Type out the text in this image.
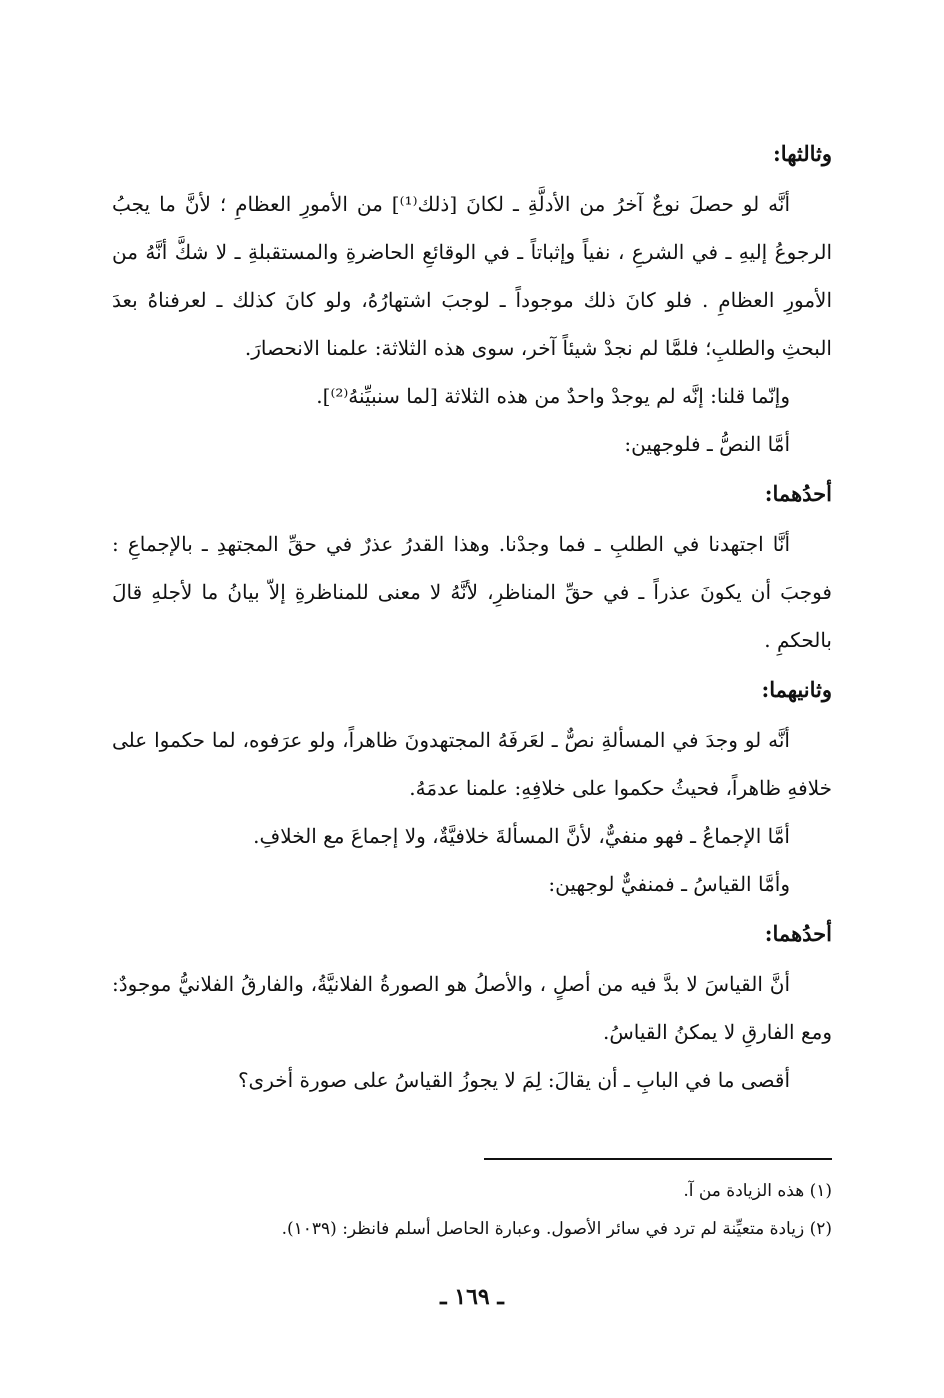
وثالثها:

أنَّه لو حصلَ نوعٌ آخرُ من الأدلَّةِ ـ لكانَ [ذلك⁽¹⁾] من الأمورِ العظامِ ؛ لأنَّ ما يجبُ الرجوعُ إليهِ ـ في الشرعِ ، نفياً وإثباتاً ـ في الوقائعِ الحاضرةِ والمستقبلةِ ـ لا شكَّ أنَّهُ من الأمورِ العظامِ . فلو كانَ ذلك موجوداً ـ لوجبَ اشتهارُهُ، ولو كانَ كذلك ـ لعرفناهُ بعدَ البحثِ والطلبِ؛ فلمَّا لم نجدْ شيئاً آخر، سوى هذه الثلاثة: علمنا الانحصارَ.

وإنّما قلنا: إنَّه لم يوجدْ واحدٌ من هذه الثلاثة [لما سنبيِّنهُ⁽²⁾].

أمَّا النصُّ ـ فلوجهين:

أحدُهما:

أنَّا اجتهدنا في الطلبِ ـ فما وجدْنا. وهذا القدرُ عذرٌ في حقِّ المجتهدِ ـ بالإجماعِ : فوجبَ أن يكونَ عذراً ـ في حقِّ المناظرِ، لأنَّهُ لا معنى للمناظرةِ إلاّ بيانُ ما لأجلهِ قالَ بالحكمِ .

وثانيهما:

أنَّه لو وجدَ في المسألةِ نصٌّ ـ لعَرفَهُ المجتهدونَ ظاهراً، ولو عرَفوه، لما حكموا على خلافهِ ظاهراً، فحيثُ حكموا على خلافِهِ: علمنا عدمَهُ.

أمَّا الإجماعُ ـ فهو منفيٌّ، لأنَّ المسألةَ خلافيَّةٌ، ولا إجماعَ مع الخلافِ.

وأمَّا القياسُ ـ فمنفيٌّ لوجهين:

أحدُهما:

أنَّ القياسَ لا بدَّ فيه من أصلٍ ، والأصلُ هو الصورةُ الفلانيَّةُ، والفارقُ الفلانيُّ موجودٌ: ومع الفارقِ لا يمكنُ القياسُ.

أقصى ما في البابِ ـ أن يقالَ: لِمَ لا يجوزُ القياسُ على صورة أخرى؟

(١) هذه الزيادة من آ.

(٢) زيادة متعيِّنة لم ترد في سائر الأصول. وعبارة الحاصل أسلم فانظر: (١٠٣٩).

ـ ١٦٩ ـ
